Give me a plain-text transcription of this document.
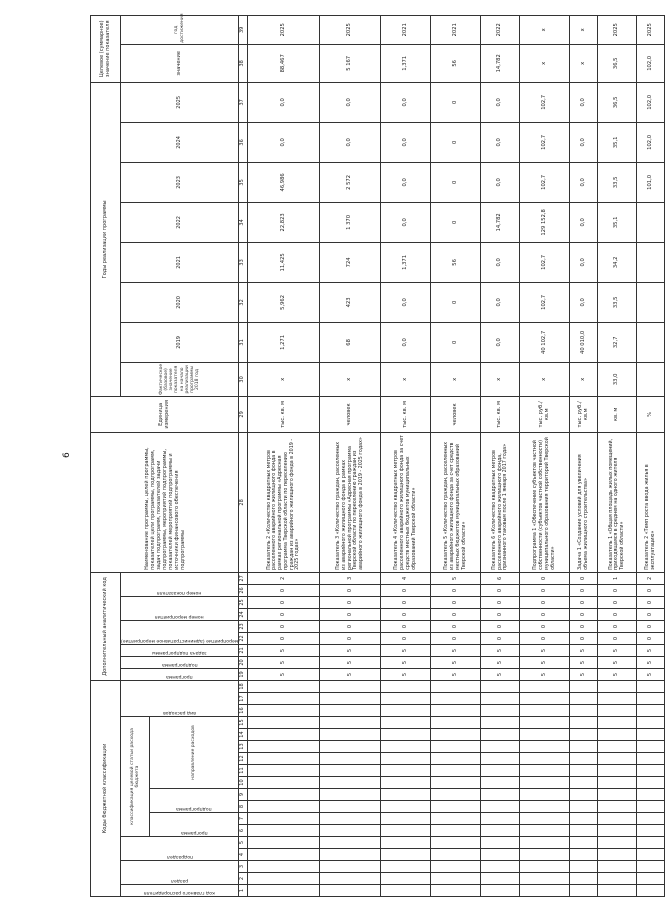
6
Коды бюджетной классификации																		Дополнительный аналитический код									Наименование программы, целей программы, показателей цели программы, подпрограмм, задач подпрограмм, показателей задачи подпрограммы, мероприятий подпрограммы, показателей мероприятий подпрограммы и источники финансового обеспечения подпрограммы	Единица измерения	Годы реализации программы								Целевое (суммарное) значение показателя	

код главного распорядителя	раздел		подраздел		классификация целевой статьи расхода бюджета										вид расходов			программа	подпрограмма	задача подпрограммы	мероприятие (административное мероприятие)		номер мероприятия		номер показателя				Фактическое (базовое) значение показателя на начало реализации программы 2018 год	2019	2020	2021	2022	2023	2024	2025	значение	год достижения

					программа		подпрограмма		направление расходов																													
1	2	3	4	5	6	7	8	9	10	11	12	13	14	15	16	17	18	19	20	21	22	23	24	25	26	27	28	29	30	31	32	33	34	35	36	37	38	39
																		5	5	5	0	0	0	0	0	2	Показатель 2 «Количество квадратных метров расселенного аварийного жилищного фонда в рамках региональной программы «Адресная программа Тверской области по переселению граждан из аварийного жилищного фонда в 2019 - 2025 годах»	тыс. кв. м	х	1,271	5,962	11,425	22,823	46,986	0,0	0,0	88,467	2025
																		5	5	5	0	0	0	0	0	3	Показатель 3 «Количество граждан, расселенных из аварийного жилищного фонда в рамках региональной программы «Адресная программа Тверской области по переселению граждан из аварийного жилищного фонда в 2019 - 2025 годах»	человек	х	68	423	724	1 370	2 572	0,0	0,0	5 167	2025
																		5	5	5	0	0	0	0	0	4	Показатель 4 «Количество квадратных метров расселенного аварийного жилищного фонда за счет средств местных бюджетов муниципальных образований Тверской области»	тыс. кв. м	х	0,0	0,0	1,371	0,0	0,0	0,0	0,0	1,371	2021
																		5	5	5	0	0	0	0	0	5	Показатель 5 «Количество граждан, расселенных из аварийного жилищного фонда за счет средств местных бюджетов муниципальных образований Тверской области»	человек	х	0	0	56	0	0	0	0	56	2021
																		5	5	5	0	0	0	0	0	6	Показатель 6 «Количество квадратных метров расселенного аварийного жилищного фонда, признанного таковым после 1 января 2017 года»	тыс. кв. м	х	0,0	0,0	0,0	14,782	0,0	0,0	0,0	14,782	2022
																		5	5	5	0	0	0	0	0	0	Подпрограмма 1 «Обеспечение субъектов частной собственности (субъектов частной собственности) муниципального образования территорий Тверской области»	тыс. руб./кв.м	х	40 102,7	102,7	102,7	129 152,8	102,7	102,7	102,7	х	х
																		5	5	5	0	0	0	0	0	0	Задача 1 «Создание условий для увеличения объема жилищного строительства»	тыс. руб./кв.м	х	40 010,0	0,0	0,0	0,0	0,0	0,0	0,0	х	х
																		5	5	5	0	0	0	0	0	1	Показатель 1 «Общая площадь жилых помещений, приходящаяся в среднем на одного жителя Тверской области»	кв. м	33,0	32,7	33,5	34,2	35,1	33,5	35,1	36,5	36,5	2025
																		5	5	5	0	0	0	0	0	2	Показатель 2 «Темп роста ввода жилья в эксплуатацию»	%						101,0	102,0	102,0	102,0	2025
